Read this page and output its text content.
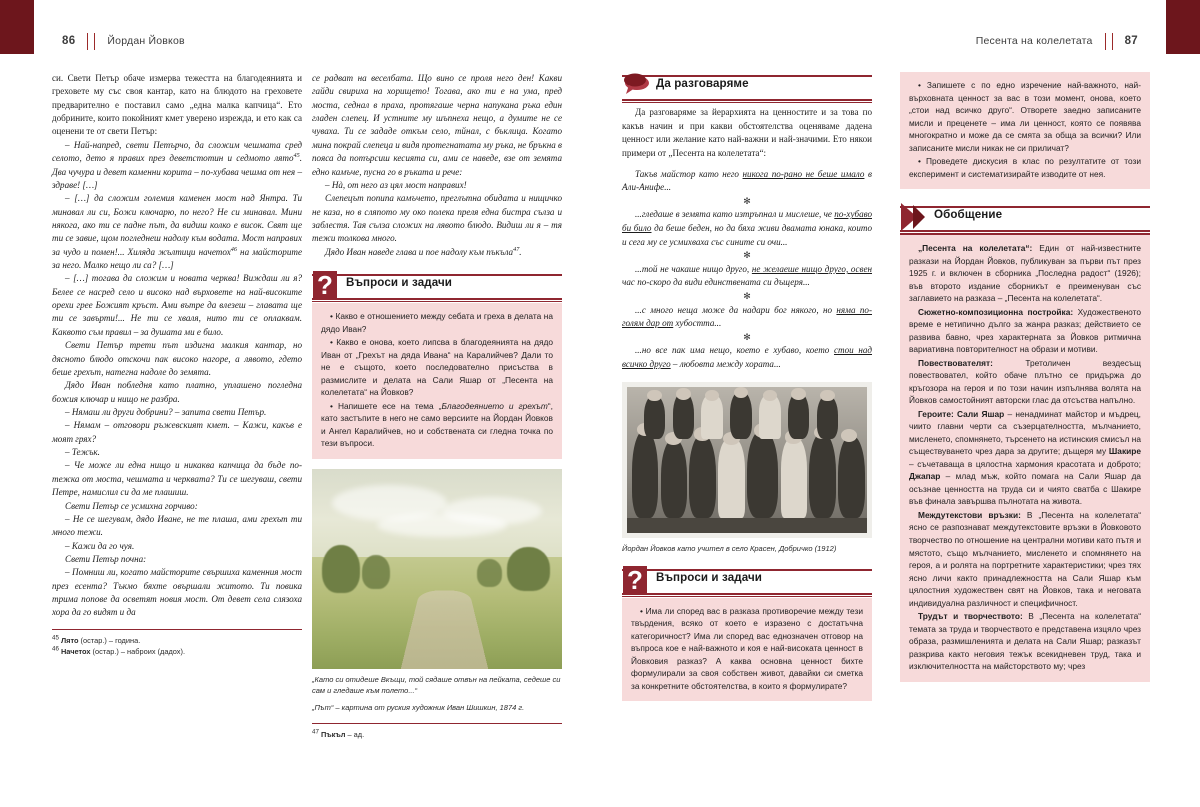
86	Йордан Йовков	Песента на колелетата	87

си. Свети Петър обаче измерва тежестта на благодеянията и греховете му със своя кантар, като на блюдото на греховете предварително е поставил само „една малка капчица“. Ето добрините, които покойният кмет уверено изрежда, и ето как са оценени те от свети Петър:

– Най-напред, свети Петърчо, да сложим чешмата сред селото, дето я правих през деветстотин и седмото лято$^{45}$. Два чучура и девет каменни корита – по-хубава чешма от нея – здраве! […]

– […] да сложим големия каменен мост над Янтра. Ти минавал ли си, Божи ключарю, по него? Не си минавал. Мини някога, ако ти се падне път, да видиш колко е висок. Свят ще ти се завие, щом погледнеш надолу към водата. Мост направих за чудо и помен!... Хиляда жълтици начетох$^{46}$ на майсторите за него. Малко нещо ли са? […]

– […] тогава да сложим и новата черква! Виждаш ли я? Белее се насред село и високо над върховете на най-високите орехи грее Божият кръст. Ами вътре да влезеш – главата ще ти се завърти!... Не ти се хваля, нито ти се оплаквам. Каквото съм правил – за душата ми е било.

Свети Петър трети път издигна малкия кантар, но дясното блюдо отскочи пак високо нагоре, а лявото, гдето беше грехът, натегна надоле до земята.

Дядо Иван побледня като платно, уплашено погледна божия ключар и нищо не разбра.

– Нямаш ли други добрини? – запита свети Петър.

– Нямам – отговори ръжевският кмет. – Кажи, какъв е моят грях?

– Тежък.

– Че може ли една нищо и никаква капчица да бъде по-тежка от моста, чешмата и черквата? Ти се шегуваш, свети Петре, намислил си да ме плашиш.

Свети Петър се усмихна горчиво:

– Не се шегувам, дядо Иване, не те плаша, ами грехът ти много тежи.

– Кажи да го чуя.

Свети Петър почна:

– Помниш ли, когато майсторите свършиха каменния мост през есента? Тъкмо бяхте овършали житото. Ти повика трима попове да осветят новия мост. От девет села слязоха хора да го видят и да

$^{45}$ Лято (остар.) – година.
$^{46}$ Начетох (остар.) – наброих (дадох).

се радват на веселбата. Що вино се проля него ден! Какви гайди свириха на хорището! Тогава, ако ти е на ума, пред моста, седнал в праха, протягаше черна напукана ръка един гладен слепец. И устните му шъпнеха нещо, а думите не се чуваха. Ти се зададе откъм село, тйнал, с бъклица. Когато мина покрай слепеца и видя протегнатата му ръка, не бръкна в пояса да потърсиш кесията си, ами се наведе, взе от земята едно камъче, пусна го в ръката и рече:

– Нà, от него аз цял мост направих!

Слепецът попипа камъчето, преглътна обидата и нищичко не каза, но в сляпото му око полека преля една бистра сълза и заблестя. Тая сълза сложих на лявото блюдо. Видиш ли я – тя тежи толкова много.

Дядо Иван наведе глава и пое надолу към пъкъла$^{47}$.

? Въпроси и задачи

• Какво е отношението между себата и греха в делата на дядо Иван?

• Какво е онова, което липсва в благодеянията на дядо Иван от „Грехът на дяда Ивана“ на Каралийчев? Дали то не е същото, което последователно присъства в размислите и делата на Сали Яшар от „Песента на колелетата“ на Йовков?

• Напишете есе на тема „Благодеянието и грехът“, като застъпите в него не само версиите на Йордан Йовков и Ангел Каралийчев, но и собствената си гледна точка по тези въпроси.

„Като си отидеше Вкъщи, той сядаше отвън на пейката, седеше си сам и гледаше към полето...“
„Път“ – картина от руския художник Иван Шишкин, 1874 г.
$^{47}$ Пъкъл – ад.
Да разговаряме

Да разговаряме за йерархията на ценностите и за това по какъв начин и при какви обстоятелства оценяваме дадена ценност или желание като най-важни и най-значими. Ето някои примери от „Песента на колелетата“:

Такъв майстор като него никога по-рано не беше имало в Али-Анифе...

✻

...гледаше в земята като изтръпнал и мислеше, че по-хубаво би било да беше беден, но да бяха живи двамата юнака, които и сега му се усмихваха със сините си очи...

✻

...той не чакаше нищо друго, не желаеше нищо друго, освен час по-скоро да види единствената си дъщеря...

✻

...с много неща може да надари бог някого, но няма по-голям дар от хубостта...

✻

...но все пак има нещо, което е хубаво, което стои над всичко друго – любовта между хората...

Йордан Йовков като учител в село Красен, Добричко (1912)
? Въпроси и задачи

• Има ли според вас в разказа противоречие между тези твърдения, всяко от което е изразено с достатъчна категоричност? Има ли според вас еднозначен отговор на въпроса кое е най-важното и коя е най-високата ценност в Йовковия разказ? А каква основна ценност бихте формулирали за своя собствен живот, давайки си сметка за конкретните обстоятелства, в които я формулирате?

• Запишете с по едно изречение най-важното, най-върховната ценност за вас в този момент, онова, което „стои над всичко друго“. Отворете заедно записаните мисли и преценете – има ли ценност, която се появява многократно и може да се смята за обща за всички? Или записаните мисли никак не си приличат?

• Проведете дискусия в клас по резултатите от този експеримент и систематизирайте изводите от нея.

Обобщение

„Песента на колелетата“: Един от най-известните разкази на Йордан Йовков, публикуван за първи път през 1925 г. и включен в сборника „Последна радост“ (1926); във второто издание сборникът е преименуван със заглавието на разказа – „Песента на колелетата“.

Сюжетно-композиционна постройка: Художественото време е нетипично дълго за жанра разказ; действието се развива бавно, чрез характерната за Йовков ритмична вариативна повторителност на образи и мотиви.

Повествователят: Третоличен вездесъщ повествовател, който обаче плътно се придържа до кръгозора на героя и по този начин изпълнява волята на Йовков самостойният авторски глас да отсъства напълно.

Героите: Сали Яшар – ненадминат майстор и мъдрец, чиито главни черти са съзерцателността, мълчанието, мисленето, спомнянето, търсенето на истинския смисъл на съществуването чрез дара за другите; дъщеря му Шакире – съчетаваща в цялостна хармония красотата и доброто; Джапар – млад мъж, който помага на Сали Яшар да осъзнае ценността на труда си и чиято сватба с Шакире във финала завършва пълнотата на живота.

Междутекстови връзки: В „Песента на колелетата“ ясно се разпознават междутекстовите връзки в Йовковото творчество по отношение на централни мотиви като пътя и мястото, също мълчанието, мисленето и спомнянето на героя, а и ролята на портретните характеристики; чрез тях ясно личи както принадлежността на Сали Яшар към цялостния художествен свят на Йовков, така и неговата индивидуална различност и специфичност.

Трудът и творчеството: В „Песента на колелетата“ темата за труда и творчеството е представена изцяло чрез образа, размишленията и делата на Сали Яшар; разказът разкрива както неговия тежък всекидневен труд, така и изключителността на майсторството му; чрез
